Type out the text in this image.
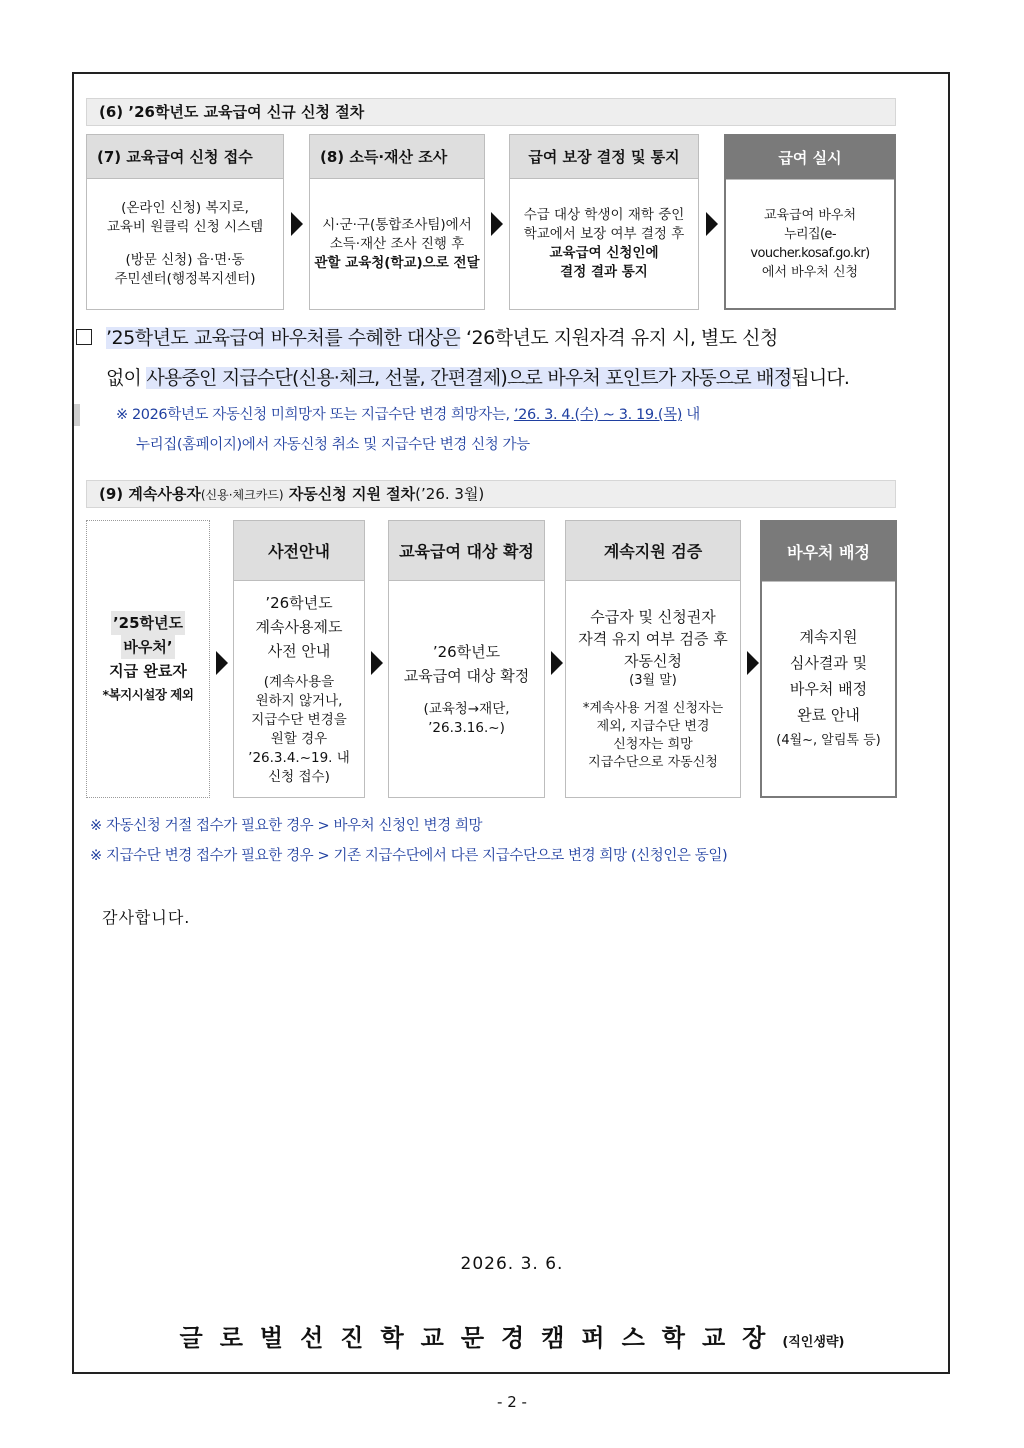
(6) ’26학년도 교육급여 신규 신청 절차
(7) 교육급여 신청 접수

(온라인 신청) 복지로,

교육비 원클릭 신청 시스템

(방문 신청) 읍·면·동

주민센터(행정복지센터)

(8) 소득·재산 조사

시·군·구(통합조사팀)에서

소득·재산 조사 진행 후

관할 교육청(학교)으로 전달

급여 보장 결정 및 통지

수급 대상 학생이 재학 중인

학교에서 보장 여부 결정 후

교육급여 신청인에

결정 결과 통지

급여 실시

교육급여 바우처

누리집(e-voucher.kosaf.go.kr)

에서 바우처 신청

’25학년도 교육급여 바우처를 수혜한 대상은 ‘26학년도 지원자격 유지 시, 별도 신청
없이 사용중인 지급수단(신용·체크, 선불, 간편결제)으로 바우처 포인트가 자동으로 배정됩니다.
※ 2026학년도 자동신청 미희망자 또는 지급수단 변경 희망자는, ’26. 3. 4.(수) ~ 3. 19.(목) 내
누리집(홈페이지)에서 자동신청 취소 및 지급수단 변경 신청 가능
(9) 계속사용자(신용·체크카드) 자동신청 지원 절차(’26. 3월)

’25학년도

바우처’

지급 완료자

*복지시설장 제외

사전안내

’26학년도

계속사용제도

사전 안내

(계속사용을

원하지 않거나,

지급수단 변경을

원할 경우

’26.3.4.~19. 내

신청 접수)

교육급여 대상 확정

’26학년도

교육급여 대상 확정

(교육청→재단,

’26.3.16.~)

계속지원 검증

수급자 및 신청권자

자격 유지 여부 검증 후

자동신청

(3월 말)

*계속사용 거절 신청자는

제외, 지급수단 변경

신청자는 희망

지급수단으로 자동신청

바우처 배정

계속지원

심사결과 및

바우처 배정

완료 안내

(4월~, 알림톡 등)

※ 자동신청 거절 접수가 필요한 경우 > 바우처 신청인 변경 희망
※ 지급수단 변경 접수가 필요한 경우 > 기존 지급수단에서 다른 지급수단으로 변경 희망 (신청인은 동일)
감사합니다.
2026. 3. 6.
글로벌선진학교문경캠퍼스학교장(직인생략)
- 2 -
